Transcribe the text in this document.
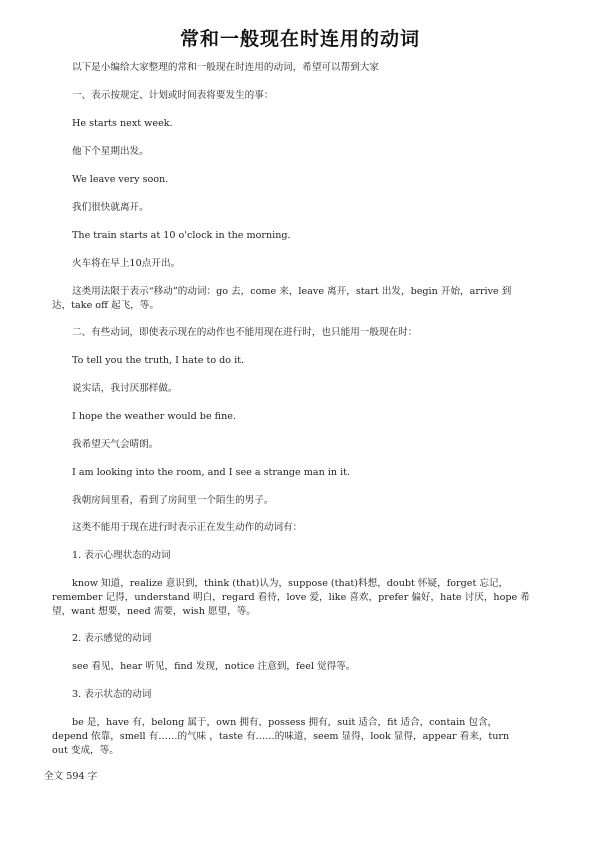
常和一般现在时连用的动词
以下是小编给大家整理的常和一般现在时连用的动词，希望可以帮到大家
一、表示按规定、计划或时间表将要发生的事：
He starts next week.
他下个星期出发。
We leave very soon.
我们很快就离开。
The train starts at 10 o'clock in the morning.
火车将在早上10点开出。
这类用法限于表示“移动”的动词：go 去，come 来，leave 离开，start 出发，begin 开始，arrive 到
达，take off 起飞，等。
二、有些动词，即使表示现在的动作也不能用现在进行时，也只能用一般现在时：
To tell you the truth, I hate to do it.
说实话，我讨厌那样做。
I hope the weather would be fine.
我希望天气会晴朗。
I am looking into the room, and I see a strange man in it.
我朝房间里看，看到了房间里一个陌生的男子。
这类不能用于现在进行时表示正在发生动作的动词有：
1. 表示心理状态的动词
know 知道，realize 意识到，think (that)认为，suppose (that)料想，doubt 怀疑，forget 忘记，
remember 记得，understand 明白，regard 看待，love 爱，like 喜欢，prefer 偏好，hate 讨厌，hope 希
望，want 想要，need 需要，wish 愿望，等。
2. 表示感觉的动词
see 看见，hear 听见，find 发现，notice 注意到，feel 觉得等。
3. 表示状态的动词
be 是，have 有，belong 属于，own 拥有，possess 拥有，suit 适合，fit 适合，contain 包含，
depend 依靠，smell 有……的气味 ，taste 有……的味道，seem 显得，look 显得，appear 看来，turn
out 变成，等。
全文 594 字
